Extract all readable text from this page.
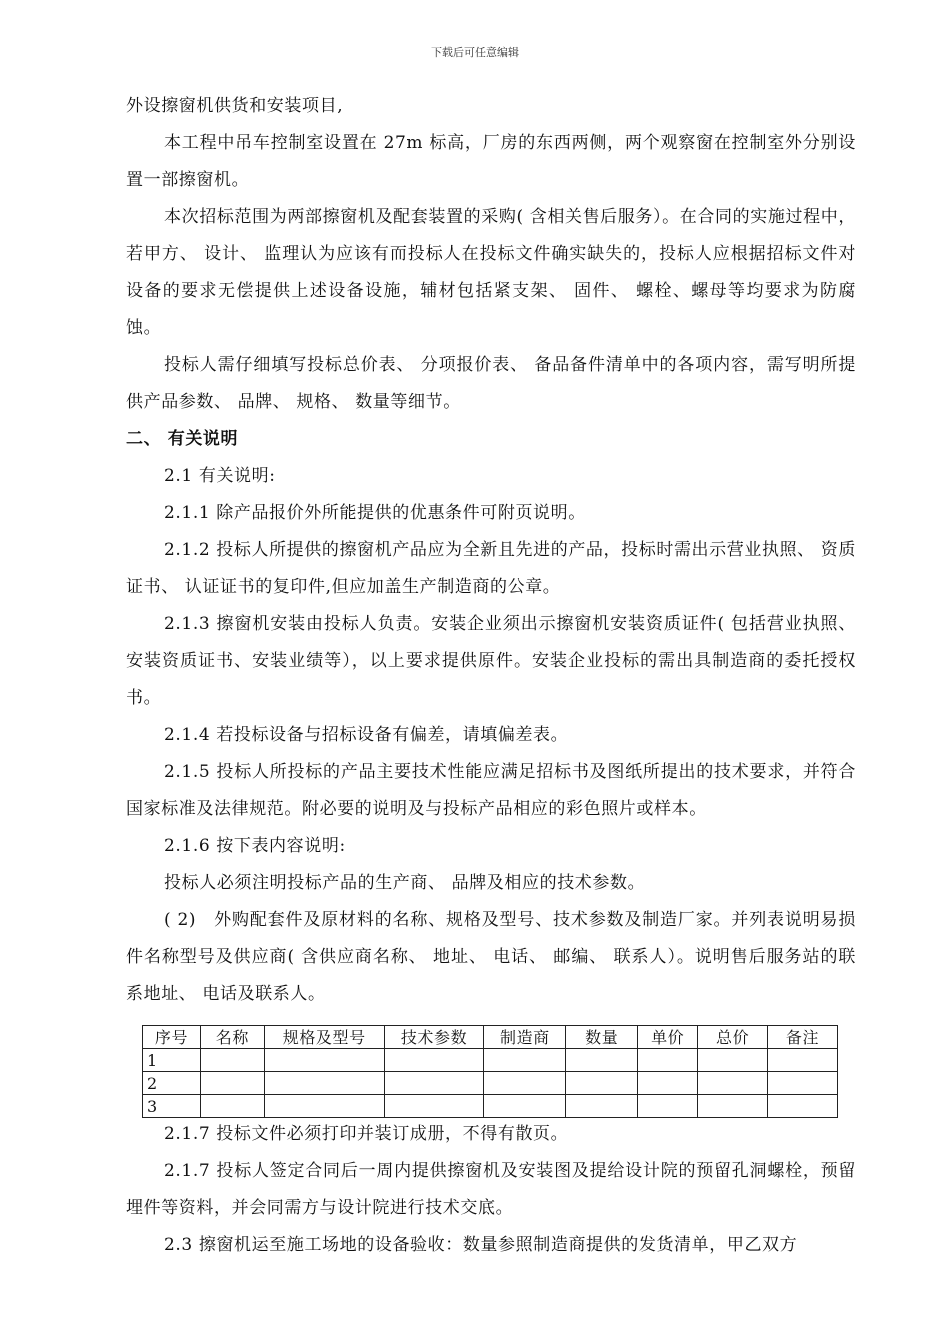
下载后可任意编辑

外设擦窗机供货和安装项目,

本工程中吊车控制室设置在 27m 标高，厂房的东西两侧，两个观察窗在控制室外分别设置一部擦窗机。

本次招标范围为两部擦窗机及配套装置的采购( 含相关售后服务）。在合同的实施过程中，若甲方、 设计、 监理认为应该有而投标人在投标文件确实缺失的，投标人应根据招标文件对设备的要求无偿提供上述设备设施，辅材包括紧支架、 固件、 螺栓、螺母等均要求为防腐蚀。

投标人需仔细填写投标总价表、 分项报价表、 备品备件清单中的各项内容，需写明所提供产品参数、 品牌、 规格、 数量等细节。

二、 有关说明

2.1 有关说明:

2.1.1 除产品报价外所能提供的优惠条件可附页说明。

2.1.2 投标人所提供的擦窗机产品应为全新且先进的产品，投标时需出示营业执照、 资质证书、 认证证书的复印件,但应加盖生产制造商的公章。

2.1.3 擦窗机安装由投标人负责。安装企业须出示擦窗机安装资质证件( 包括营业执照、安装资质证书、安装业绩等），以上要求提供原件。安装企业投标的需出具制造商的委托授权书。

2.1.4 若投标设备与招标设备有偏差，请填偏差表。

2.1.5 投标人所投标的产品主要技术性能应满足招标书及图纸所提出的技术要求，并符合国家标准及法律规范。附必要的说明及与投标产品相应的彩色照片或样本。

2.1.6 按下表内容说明:

投标人必须注明投标产品的生产商、 品牌及相应的技术参数。

( 2)　外购配套件及原材料的名称、规格及型号、技术参数及制造厂家。并列表说明易损件名称型号及供应商( 含供应商名称、 地址、 电话、 邮编、 联系人）。说明售后服务站的联系地址、 电话及联系人。

序号	名称	规格及型号	技术参数	制造商	数量	单价	总价	备注
1								
2								
3								

2.1.7 投标文件必须打印并装订成册，不得有散页。

2.1.7 投标人签定合同后一周内提供擦窗机及安装图及提给设计院的预留孔洞螺栓，预留埋件等资料，并会同需方与设计院进行技术交底。

2.3 擦窗机运至施工场地的设备验收：数量参照制造商提供的发货清单，甲乙双方
